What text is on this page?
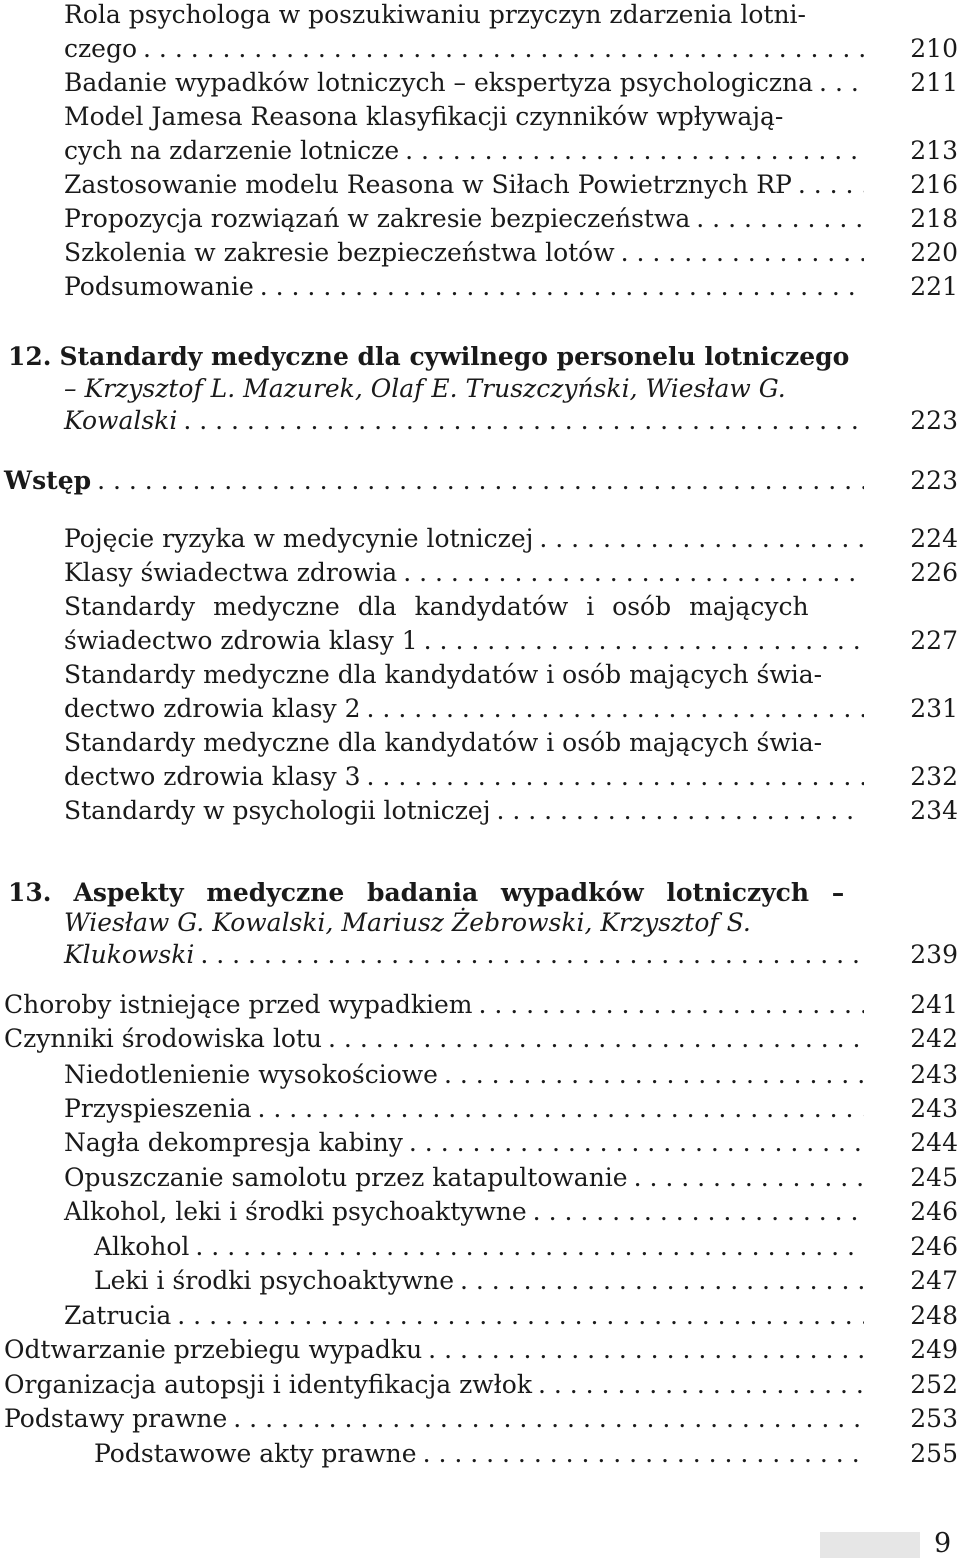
Rola psychologa w poszukiwaniu przyczyn zdarzenia lotni-
czego . . .	210
Badanie wypadków lotniczych – ekspertyza psychologiczna . . .	211
Model Jamesa Reasona klasyfikacji czynników wpływają-
cych na zdarzenie lotnicze . . .	213
Zastosowanie modelu Reasona w Siłach Powietrznych RP . . .	216
Propozycja rozwiązań w zakresie bezpieczeństwa . . .	218
Szkolenia w zakresie bezpieczeństwa lotów . . .	220
Podsumowanie . . .	221
12. Standardy medyczne dla cywilnego personelu lotniczego
– Krzysztof L. Mazurek, Olaf E. Truszczyński, Wiesław G.
Kowalski . . .	223
Wstęp . . .	223
Pojęcie ryzyka w medycynie lotniczej . . .	224
Klasy świadectwa zdrowia . . .	226
Standardy medyczne dla kandydatów i osób mających
świadectwo zdrowia klasy 1 . . .	227
Standardy medyczne dla kandydatów i osób mających świa-
dectwo zdrowia klasy 2 . . .	231
Standardy medyczne dla kandydatów i osób mających świa-
dectwo zdrowia klasy 3 . . .	232
Standardy w psychologii lotniczej . . .	234
13. Aspekty medyczne badania wypadków lotniczych –
Wiesław G. Kowalski, Mariusz Żebrowski, Krzysztof S.
Klukowski . . .	239
Choroby istniejące przed wypadkiem . . .	241
Czynniki środowiska lotu . . .	242
Niedotlenienie wysokościowe . . .	243
Przyspieszenia . . .	243
Nagła dekompresja kabiny . . .	244
Opuszczanie samolotu przez katapultowanie . . .	245
Alkohol, leki i środki psychoaktywne . . .	246
Alkohol . . .	246
Leki i środki psychoaktywne . . .	247
Zatrucia . . .	248
Odtwarzanie przebiegu wypadku . . .	249
Organizacja autopsji i identyfikacja zwłok . . .	252
Podstawy prawne . . .	253
Podstawowe akty prawne . . .	255
9
